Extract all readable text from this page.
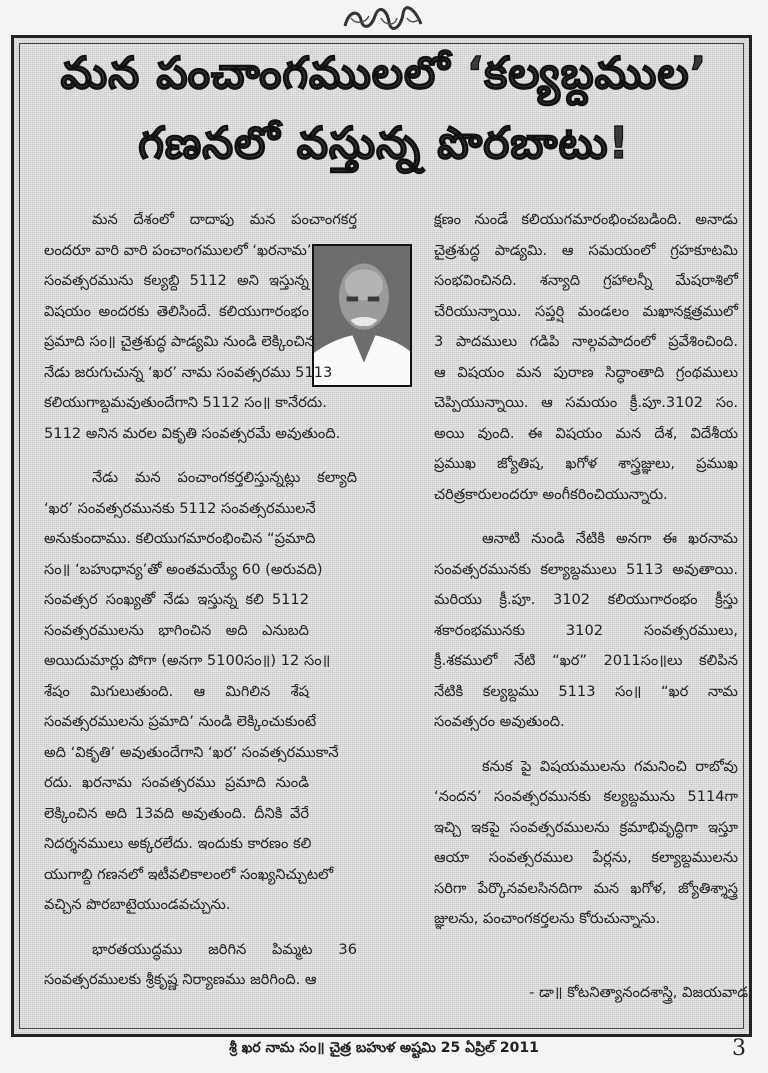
మన పంచాంగములలో ‘కల్యబ్దముల’
గణనలో వస్తున్న పొరబాటు!
మన దేశంలో దాదాపు మన పంచాంగకర్త
లందరూ వారి వారి పంచాంగములలో ‘ఖరనామ’
సంవత్సరమును కల్యబ్ది 5112 అని ఇస్తున్న
విషయం అందరకు తెలిసిందే. కలియుగారంభం
ప్రమాది సం॥ చైత్రశుద్ధ పాడ్యమి నుండి లెక్కించిన
నేడు జరుగుచున్న ‘ఖర’ నామ సంవత్సరము 5113
కలియుగాబ్దమవుతుందేగాని 5112 సం॥ కానేరదు.
5112 అనిన మరల వికృతి సంవత్సరమే అవుతుంది.
నేడు మన పంచాంగకర్తలిస్తున్నట్లు కల్యాది
‘ఖర’ సంవత్సరమునకు 5112 సంవత్సరములనే
అనుకుందాము. కలియుగమారంభించిన “ప్రమాది
సం॥ ‘బహుధాన్య’తో అంతమయ్యే 60 (అరువది)
సంవత్సర సంఖ్యతో నేడు ఇస్తున్న కలి 5112
సంవత్సరములను భాగించిన అది ఎనుబది
అయిదుమార్లు పోగా (అనగా 5100సం॥) 12 సం॥
శేషం మిగులుతుంది. ఆ మిగిలిన శేష
సంవత్సరములను ప్రమాది’ నుండి లెక్కించుకుంటే
అది ‘వికృతి’ అవుతుందేగాని ‘ఖర’ సంవత్సరముకానే
రదు. ఖరనామ సంవత్సరము ప్రమాది నుండి
లెక్కించిన అది 13వది అవుతుంది. దీనికి వేరే
నిదర్శనములు అక్కరలేదు. ఇందుకు కారణం కలి
యుగాబ్ది గణనలో ఇటీవలికాలంలో సంఖ్యనిచ్చుటలో
వచ్చిన పొరబాటైయుండవచ్చును.
భారతయుద్ధము జరిగిన పిమ్మట 36
సంవత్సరములకు శ్రీకృష్ణ నిర్యాణము జరిగింది. ఆ
క్షణం నుండే కలియుగమారంభించబడింది. అనాడు
చైత్రశుద్ధ పాడ్యమి. ఆ సమయంలో గ్రహకూటమి
సంభవించినది. శన్యాది గ్రహాలన్నీ మేషరాశిలో
చేరియున్నాయి. సప్తర్షి మండలం మఖానక్షత్రములో
3 పాదములు గడిపి నాల్గవపాదంలో ప్రవేశించింది.
ఆ విషయం మన పురాణ సిద్ధాంతాది గ్రంథములు
చెప్పియున్నాయి. ఆ సమయం క్రీ.పూ.3102 సం.
అయి వుంది. ఈ విషయం మన దేశ, విదేశీయ
ప్రముఖ జ్యోతిష, ఖగోళ శాస్త్రజ్ఞులు, ప్రముఖ
చరిత్రకారులందరూ అంగీకరించియున్నారు.
ఆనాటి నుండి నేటికి అనగా ఈ ఖరనామ
సంవత్సరమునకు కల్యాబ్దములు 5113 అవుతాయి.
మరియు క్రీ.పూ. 3102 కలియుగారంభం క్రీస్తు
శకారంభమునకు 3102 సంవత్సరములు,
క్రీ.శకములో నేటి “ఖర” 2011సం॥లు కలిపిన
నేటికి కల్యబ్దము 5113 సం॥ “ఖర నామ
సంవత్సరం అవుతుంది.
కనుక పై విషయములను గమనించి రాబోవు
‘నందన’ సంవత్సరమునకు కల్యబ్దమును 5114గా
ఇచ్చి ఇకపై సంవత్సరములను క్రమాభివృద్ధిగా ఇస్తూ
ఆయా సంవత్సరముల పేర్లను, కల్యాబ్దములను
సరిగా పేర్కొనవలసినదిగా మన ఖగోళ, జ్యోతిశ్శాస్త్ర
జ్ఞులను, పంచాంగకర్తలను కోరుచున్నాను.
- డా॥ కోటనిత్యానందశాస్త్రి, విజయవాడ
శ్రీ ఖర నామ సం॥ చైత్ర బహుళ అష్టమి 25 ఏప్రిల్ 2011	3
